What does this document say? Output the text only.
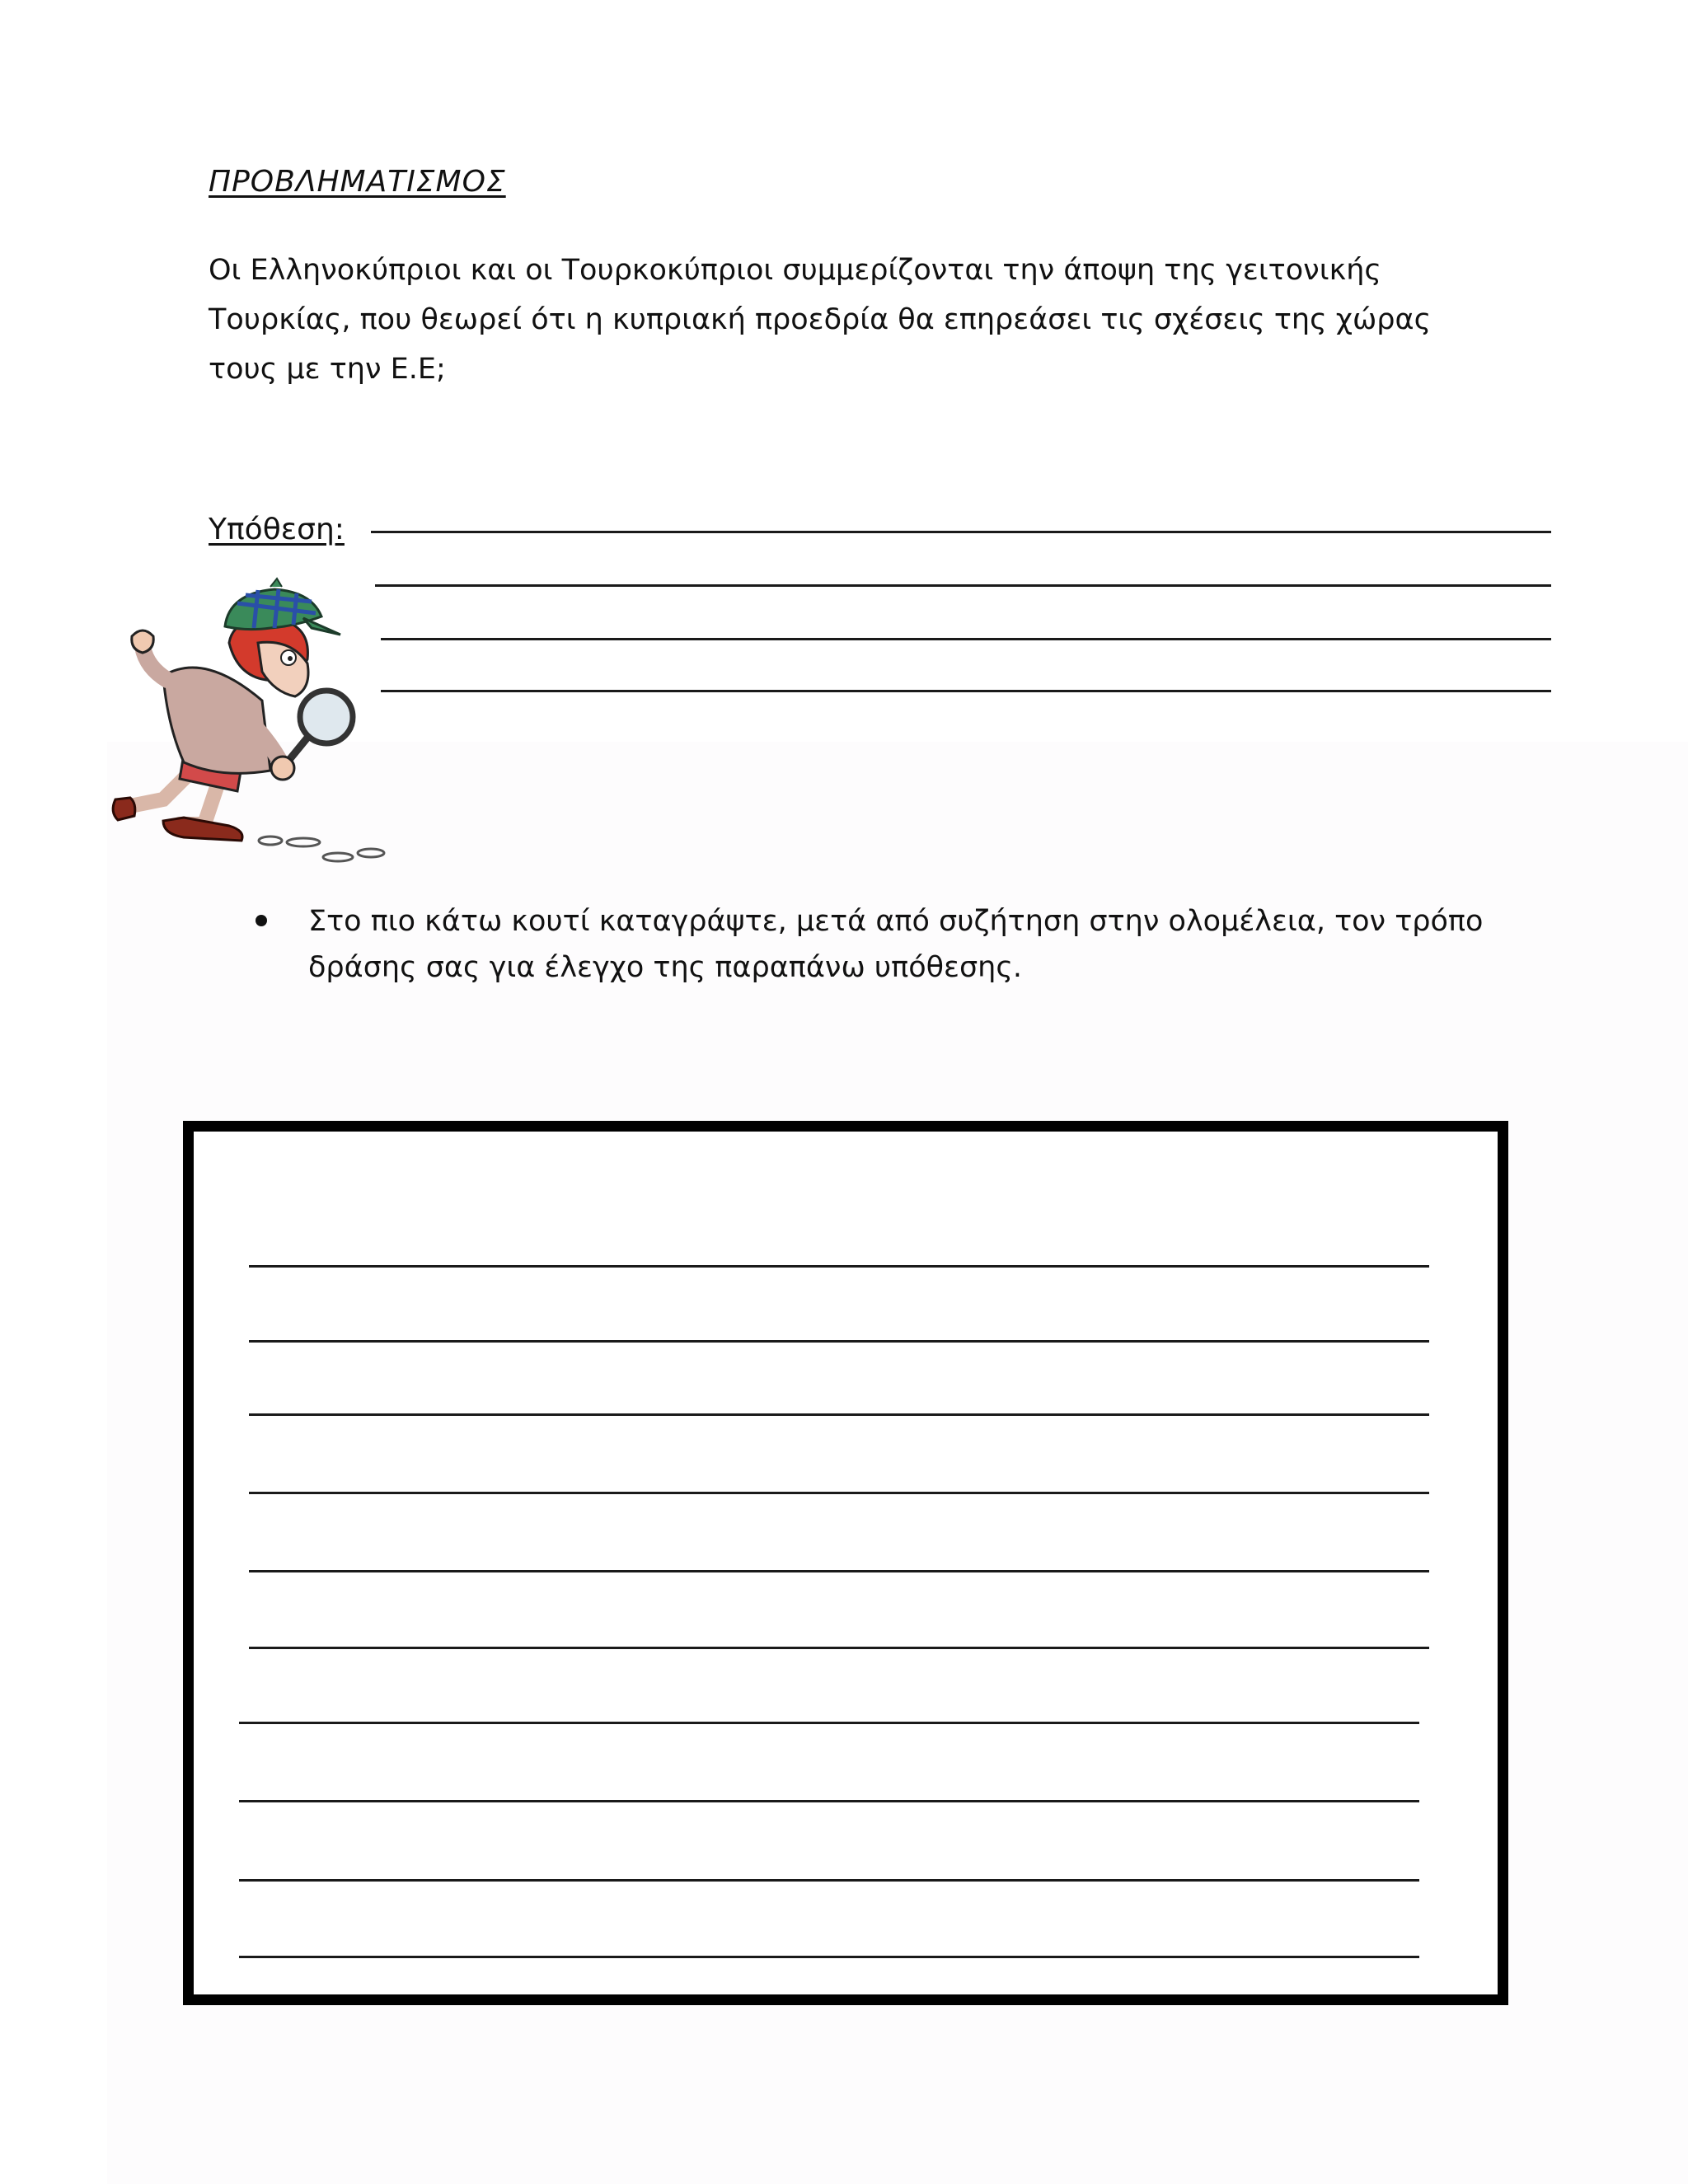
ΠΡΟΒΛΗΜΑΤΙΣΜΟΣ

Οι Ελληνοκύπριοι και οι Τουρκοκύπριοι συμμερίζονται την άποψη της γειτονικής Τουρκίας, που θεωρεί ότι η κυπριακή προεδρία θα επηρεάσει τις σχέσεις της χώρας τους με την Ε.Ε;

Υπόθεση:

Στο πιο κάτω κουτί καταγράψτε, μετά από συζήτηση στην ολομέλεια, τον τρόπο δράσης σας για έλεγχο της παραπάνω υπόθεσης.
